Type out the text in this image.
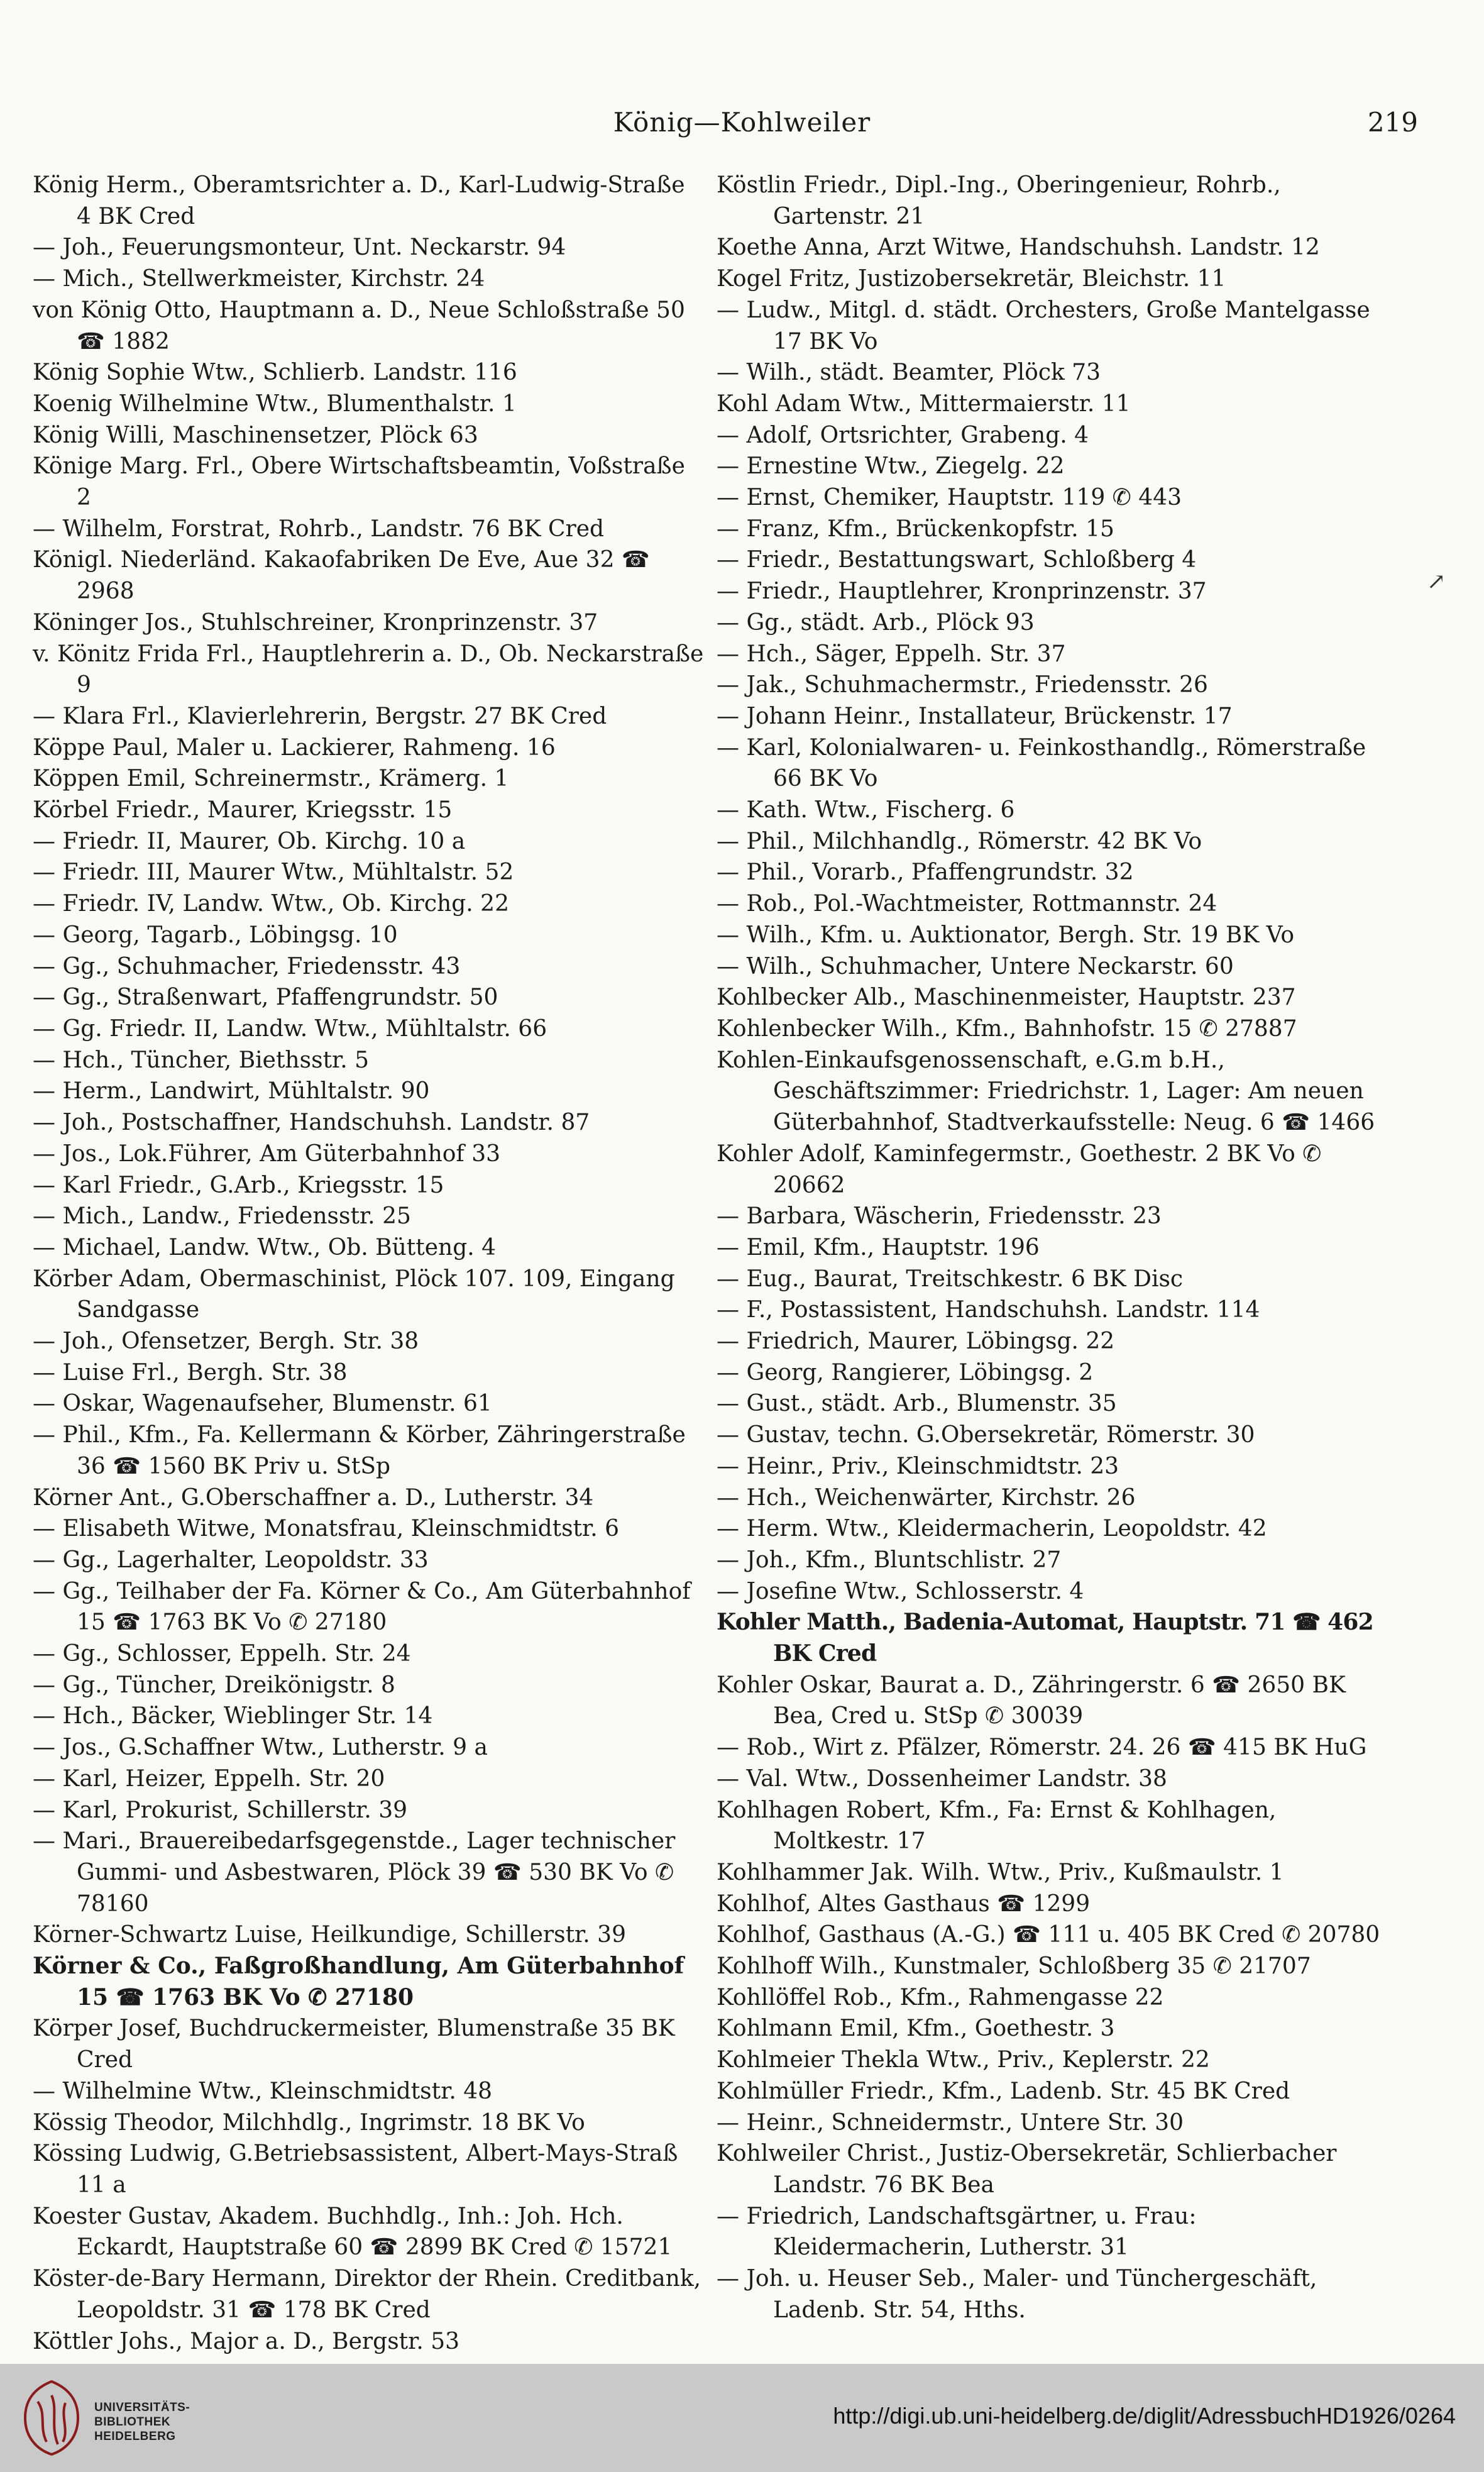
König—Kohlweiler	219
König Herm., Oberamtsrichter a. D., Karl-Ludwig-Straße 4 BK Cred
— Joh., Feuerungsmonteur, Unt. Neckarstr. 94
— Mich., Stellwerkmeister, Kirchstr. 24
von König Otto, Hauptmann a. D., Neue Schloßstraße 50 ☎ 1882
König Sophie Wtw., Schlierb. Landstr. 116
Koenig Wilhelmine Wtw., Blumenthalstr. 1
König Willi, Maschinensetzer, Plöck 63
Könige Marg. Frl., Obere Wirtschaftsbeamtin, Voßstraße 2
— Wilhelm, Forstrat, Rohrb., Landstr. 76 BK Cred
Königl. Niederländ. Kakaofabriken De Eve, Aue 32 ☎ 2968
Köninger Jos., Stuhlschreiner, Kronprinzenstr. 37
v. Könitz Frida Frl., Hauptlehrerin a. D., Ob. Neckarstraße 9
— Klara Frl., Klavierlehrerin, Bergstr. 27 BK Cred
Köppe Paul, Maler u. Lackierer, Rahmeng. 16
Köppen Emil, Schreinermstr., Krämerg. 1
Körbel Friedr., Maurer, Kriegsstr. 15
— Friedr. II, Maurer, Ob. Kirchg. 10 a
— Friedr. III, Maurer Wtw., Mühltalstr. 52
— Friedr. IV, Landw. Wtw., Ob. Kirchg. 22
— Georg, Tagarb., Löbingsg. 10
— Gg., Schuhmacher, Friedensstr. 43
— Gg., Straßenwart, Pfaffengrundstr. 50
— Gg. Friedr. II, Landw. Wtw., Mühltalstr. 66
— Hch., Tüncher, Biethsstr. 5
— Herm., Landwirt, Mühltalstr. 90
— Joh., Postschaffner, Handschuhsh. Landstr. 87
— Jos., Lok.Führer, Am Güterbahnhof 33
— Karl Friedr., G.Arb., Kriegsstr. 15
— Mich., Landw., Friedensstr. 25
— Michael, Landw. Wtw., Ob. Bütteng. 4
Körber Adam, Obermaschinist, Plöck 107. 109, Eingang Sandgasse
— Joh., Ofensetzer, Bergh. Str. 38
— Luise Frl., Bergh. Str. 38
— Oskar, Wagenaufseher, Blumenstr. 61
— Phil., Kfm., Fa. Kellermann & Körber, Zähringerstraße 36 ☎ 1560 BK Priv u. StSp
Körner Ant., G.Oberschaffner a. D., Lutherstr. 34
— Elisabeth Witwe, Monatsfrau, Kleinschmidtstr. 6
— Gg., Lagerhalter, Leopoldstr. 33
— Gg., Teilhaber der Fa. Körner & Co., Am Güterbahnhof 15 ☎ 1763 BK Vo ✆ 27180
— Gg., Schlosser, Eppelh. Str. 24
— Gg., Tüncher, Dreikönigstr. 8
— Hch., Bäcker, Wieblinger Str. 14
— Jos., G.Schaffner Wtw., Lutherstr. 9 a
— Karl, Heizer, Eppelh. Str. 20
— Karl, Prokurist, Schillerstr. 39
— Mari., Brauereibedarfsgegenstde., Lager technischer Gummi- und Asbestwaren, Plöck 39 ☎ 530 BK Vo ✆ 78160
Körner-Schwartz Luise, Heilkundige, Schillerstr. 39
Körner & Co., Faßgroßhandlung, Am Güterbahnhof 15 ☎ 1763 BK Vo ✆ 27180
Körper Josef, Buchdruckermeister, Blumenstraße 35 BK Cred
— Wilhelmine Wtw., Kleinschmidtstr. 48
Kössig Theodor, Milchhdlg., Ingrimstr. 18 BK Vo
Kössing Ludwig, G.Betriebsassistent, Albert-Mays-Straß 11 a
Koester Gustav, Akadem. Buchhdlg., Inh.: Joh. Hch. Eckardt, Hauptstraße 60 ☎ 2899 BK Cred ✆ 15721
Köster-de-Bary Hermann, Direktor der Rhein. Creditbank, Leopoldstr. 31 ☎ 178 BK Cred
Köttler Johs., Major a. D., Bergstr. 53
Köstlin Friedr., Dipl.-Ing., Oberingenieur, Rohrb., Gartenstr. 21
Koethe Anna, Arzt Witwe, Handschuhsh. Landstr. 12
Kogel Fritz, Justizobersekretär, Bleichstr. 11
— Ludw., Mitgl. d. städt. Orchesters, Große Mantelgasse 17 BK Vo
— Wilh., städt. Beamter, Plöck 73
Kohl Adam Wtw., Mittermaierstr. 11
— Adolf, Ortsrichter, Grabeng. 4
— Ernestine Wtw., Ziegelg. 22
— Ernst, Chemiker, Hauptstr. 119 ✆ 443
— Franz, Kfm., Brückenkopfstr. 15
— Friedr., Bestattungswart, Schloßberg 4
— Friedr., Hauptlehrer, Kronprinzenstr. 37
— Gg., städt. Arb., Plöck 93
— Hch., Säger, Eppelh. Str. 37
— Jak., Schuhmachermstr., Friedensstr. 26
— Johann Heinr., Installateur, Brückenstr. 17
— Karl, Kolonialwaren- u. Feinkosthandlg., Römerstraße 66 BK Vo
— Kath. Wtw., Fischerg. 6
— Phil., Milchhandlg., Römerstr. 42 BK Vo
— Phil., Vorarb., Pfaffengrundstr. 32
— Rob., Pol.-Wachtmeister, Rottmannstr. 24
— Wilh., Kfm. u. Auktionator, Bergh. Str. 19 BK Vo
— Wilh., Schuhmacher, Untere Neckarstr. 60
Kohlbecker Alb., Maschinenmeister, Hauptstr. 237
Kohlenbecker Wilh., Kfm., Bahnhofstr. 15 ✆ 27887
Kohlen-Einkaufsgenossenschaft, e.G.m b.H., Geschäftszimmer: Friedrichstr. 1, Lager: Am neuen Güterbahnhof, Stadtverkaufsstelle: Neug. 6 ☎ 1466
Kohler Adolf, Kaminfegermstr., Goethestr. 2 BK Vo ✆ 20662
— Barbara, Wäscherin, Friedensstr. 23
— Emil, Kfm., Hauptstr. 196
— Eug., Baurat, Treitschkestr. 6 BK Disc
— F., Postassistent, Handschuhsh. Landstr. 114
— Friedrich, Maurer, Löbingsg. 22
— Georg, Rangierer, Löbingsg. 2
— Gust., städt. Arb., Blumenstr. 35
— Gustav, techn. G.Obersekretär, Römerstr. 30
— Heinr., Priv., Kleinschmidtstr. 23
— Hch., Weichenwärter, Kirchstr. 26
— Herm. Wtw., Kleidermacherin, Leopoldstr. 42
— Joh., Kfm., Bluntschlistr. 27
— Josefine Wtw., Schlosserstr. 4
Kohler Matth., Badenia-Automat, Hauptstr. 71 ☎ 462 BK Cred
Kohler Oskar, Baurat a. D., Zähringerstr. 6 ☎ 2650 BK Bea, Cred u. StSp ✆ 30039
— Rob., Wirt z. Pfälzer, Römerstr. 24. 26 ☎ 415 BK HuG
— Val. Wtw., Dossenheimer Landstr. 38
Kohlhagen Robert, Kfm., Fa: Ernst & Kohlhagen, Moltkestr. 17
Kohlhammer Jak. Wilh. Wtw., Priv., Kußmaulstr. 1
Kohlhof, Altes Gasthaus ☎ 1299
Kohlhof, Gasthaus (A.-G.) ☎ 111 u. 405 BK Cred ✆ 20780
Kohlhoff Wilh., Kunstmaler, Schloßberg 35 ✆ 21707
Kohllöffel Rob., Kfm., Rahmengasse 22
Kohlmann Emil, Kfm., Goethestr. 3
Kohlmeier Thekla Wtw., Priv., Keplerstr. 22
Kohlmüller Friedr., Kfm., Ladenb. Str. 45 BK Cred
— Heinr., Schneidermstr., Untere Str. 30
Kohlweiler Christ., Justiz-Obersekretär, Schlierbacher Landstr. 76 BK Bea
— Friedrich, Landschaftsgärtner, u. Frau: Kleidermacherin, Lutherstr. 31
— Joh. u. Heuser Seb., Maler- und Tünchergeschäft, Ladenb. Str. 54, Hths.
↗
UNIVERSITÄTS-
BIBLIOTHEK
HEIDELBERG
http://digi.ub.uni-heidelberg.de/diglit/AdressbuchHD1926/0264
